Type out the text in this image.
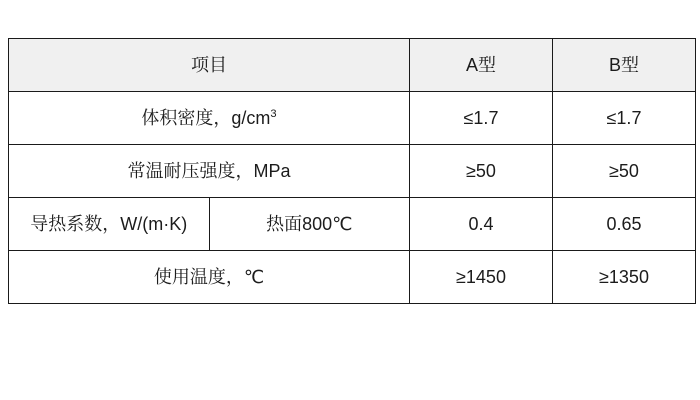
项目		A型	B型
体积密度，$g/cm^3$		≤1.7	≤1.7
常温耐压强度，MPa		≥50	≥50
导热系数，W/(m·K)	热面800℃	0.4	0.65
使用温度，℃		≥1450	≥1350
